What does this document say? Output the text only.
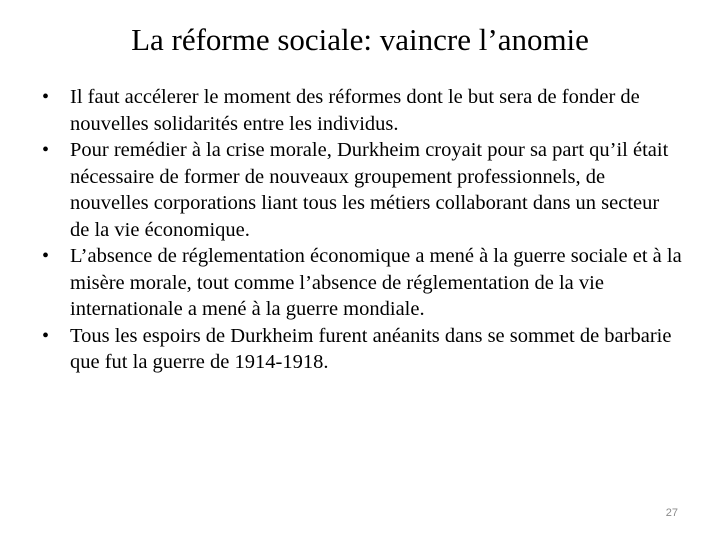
La réforme sociale: vaincre l’anomie
• Il faut accélerer le moment des réformes dont le but sera de fonder de nouvelles solidarités entre les individus.
• Pour remédier à la crise morale, Durkheim croyait pour sa part qu’il était nécessaire de former de nouveaux groupement professionnels, de nouvelles corporations liant tous les métiers collaborant dans un secteur de la vie économique.
• L’absence de réglementation économique a mené à la guerre sociale et à la misère morale, tout comme l’absence de réglementation de la vie internationale a mené à la guerre mondiale.
• Tous les espoirs de Durkheim furent anéanits dans se sommet de barbarie que fut la guerre de 1914-1918.
27
